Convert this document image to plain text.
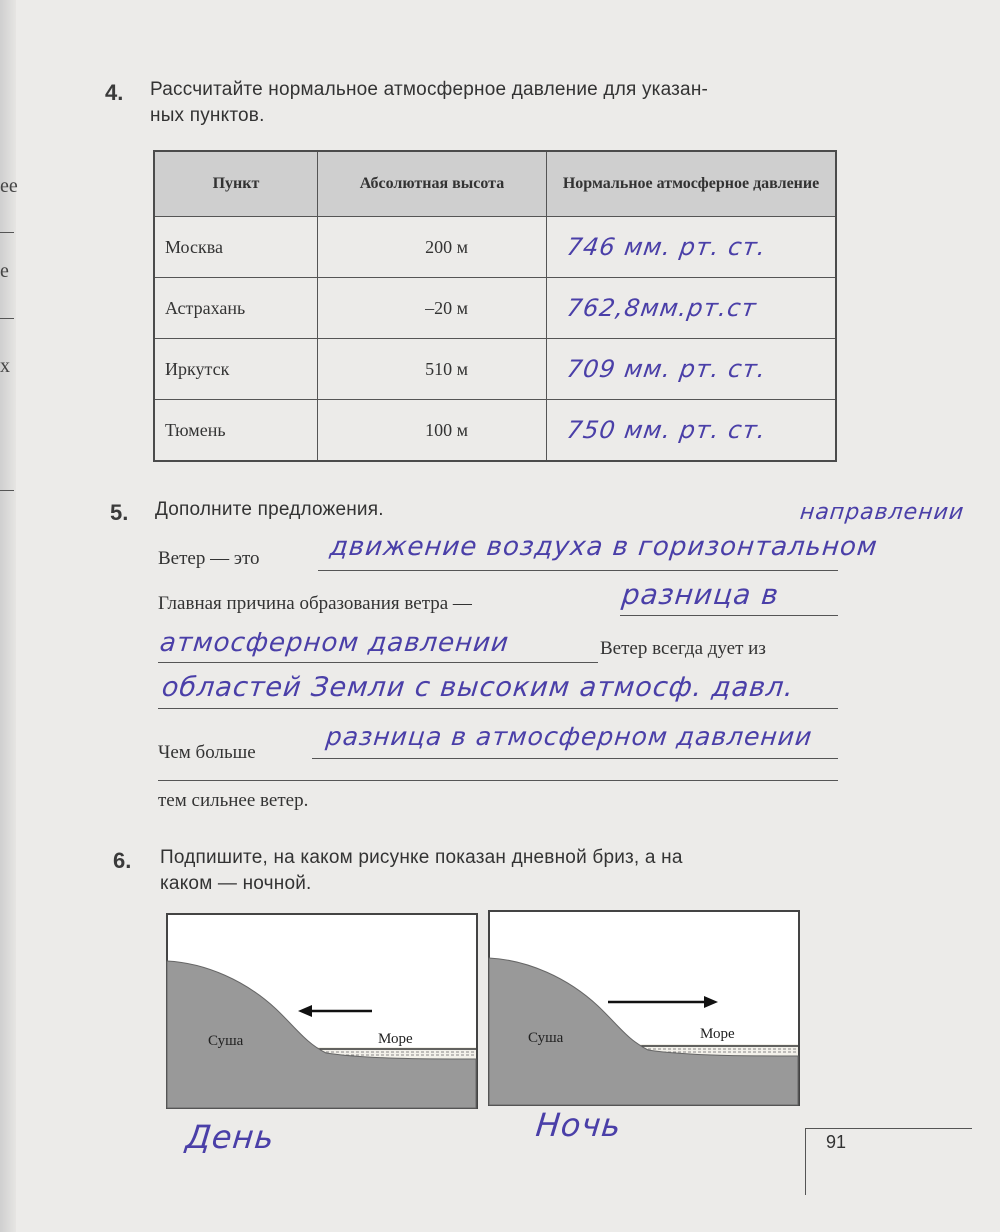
ее
е
х
4. Рассчитайте нормальное атмосферное давление для указан-
ных пунктов.
Пункт	Абсолютная высота	Нормальное атмосферное давление
Москва	200 м	746 мм. рт. ст.
Астрахань	–20 м	762,8мм.рт.ст
Иркутск	510 м	709 мм. рт. ст.
Тюмень	100 м	750 мм. рт. ст.
5. Дополните предложения.
Ветер — это	движение воздуха в горизонтальном
направлении
Главная причина образования ветра —	разница в
атмосферном давлении	Ветер всегда дует из
областей Земли с высоким атмосф. давл.
Чем больше
разница в атмосферном давлении
тем сильнее ветер.
6. Подпишите, на каком рисунке показан дневной бриз, а на
каком — ночной.
Суша	Море	Суша	Море
День	Ночь	91
